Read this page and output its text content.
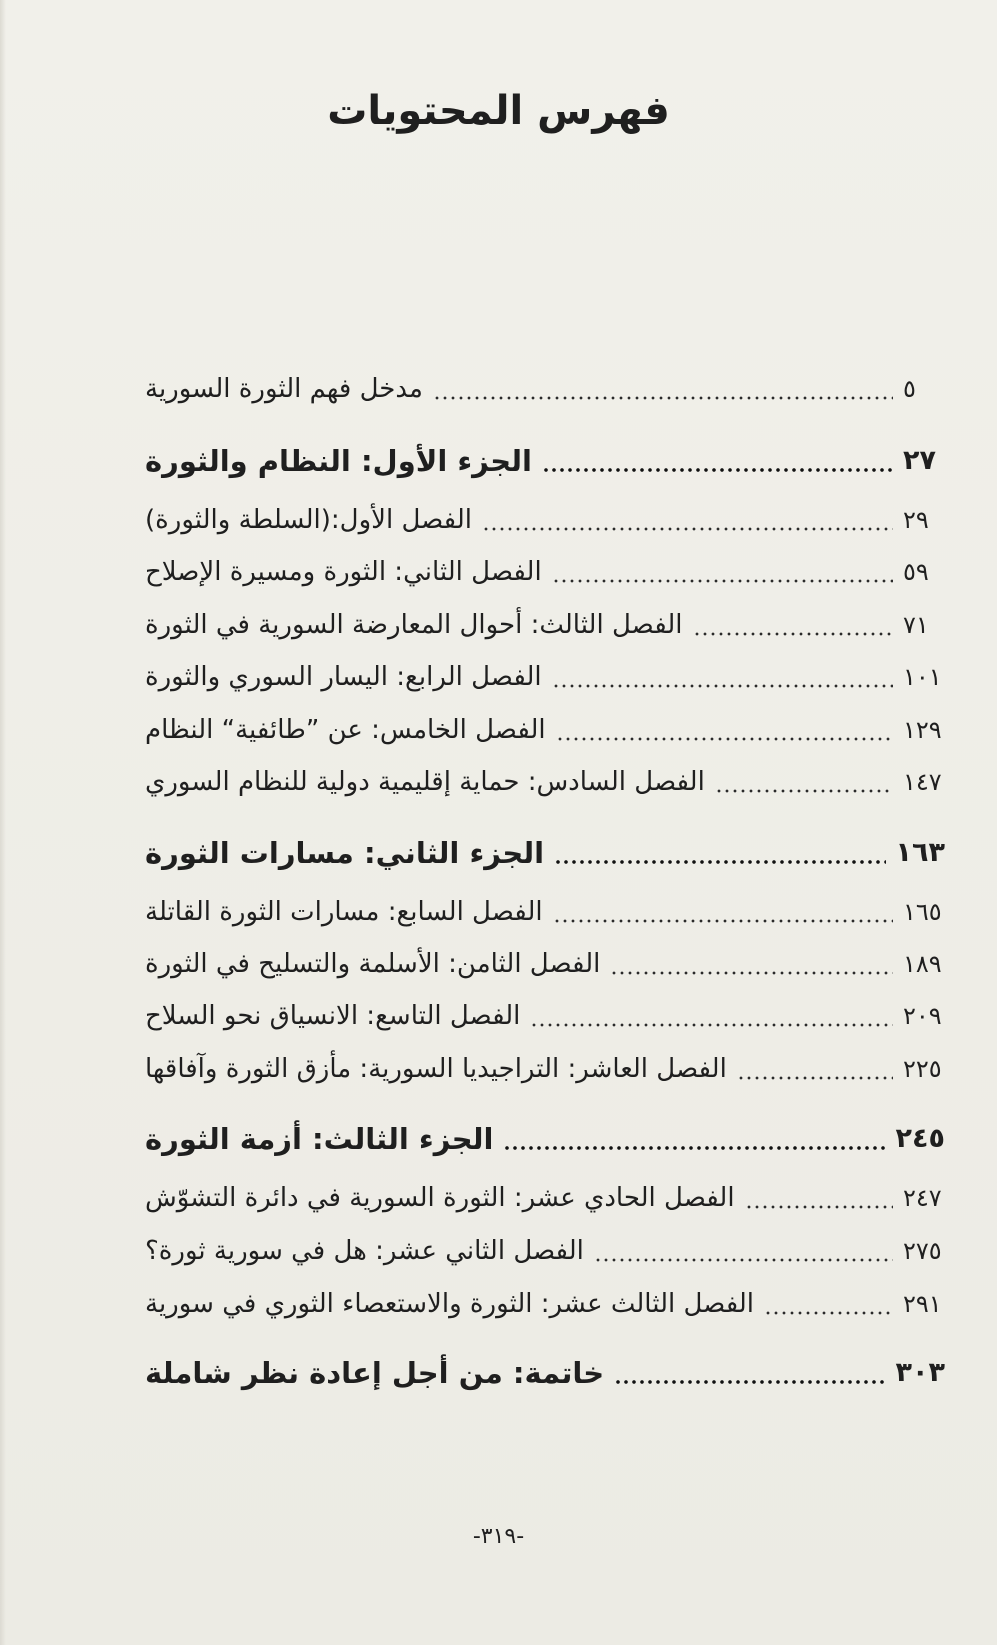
فهرس المحتويات
مدخل فهم الثورة السورية	٥
الجزء الأول: النظام والثورة	٢٧
الفصل الأول:(السلطة والثورة)	٢٩
الفصل الثاني: الثورة ومسيرة الإصلاح	٥٩
الفصل الثالث: أحوال المعارضة السورية في الثورة	٧١
الفصل الرابع: اليسار السوري والثورة	١٠١
الفصل الخامس: عن ”طائفية“ النظام	١٢٩
الفصل السادس: حماية إقليمية دولية للنظام السوري	١٤٧
الجزء الثاني: مسارات الثورة	١٦٣
الفصل السابع: مسارات الثورة القاتلة	١٦٥
الفصل الثامن: الأسلمة والتسليح في الثورة	١٨٩
الفصل التاسع: الانسياق نحو السلاح	٢٠٩
الفصل العاشر: التراجيديا السورية: مأزق الثورة وآفاقها	٢٢٥
الجزء الثالث: أزمة الثورة	٢٤٥
الفصل الحادي عشر: الثورة السورية في دائرة التشوّش	٢٤٧
الفصل الثاني عشر: هل في سورية ثورة؟	٢٧٥
الفصل الثالث عشر: الثورة والاستعصاء الثوري في سورية	٢٩١
خاتمة: من أجل إعادة نظر شاملة	٣٠٣
-٣١٩-
